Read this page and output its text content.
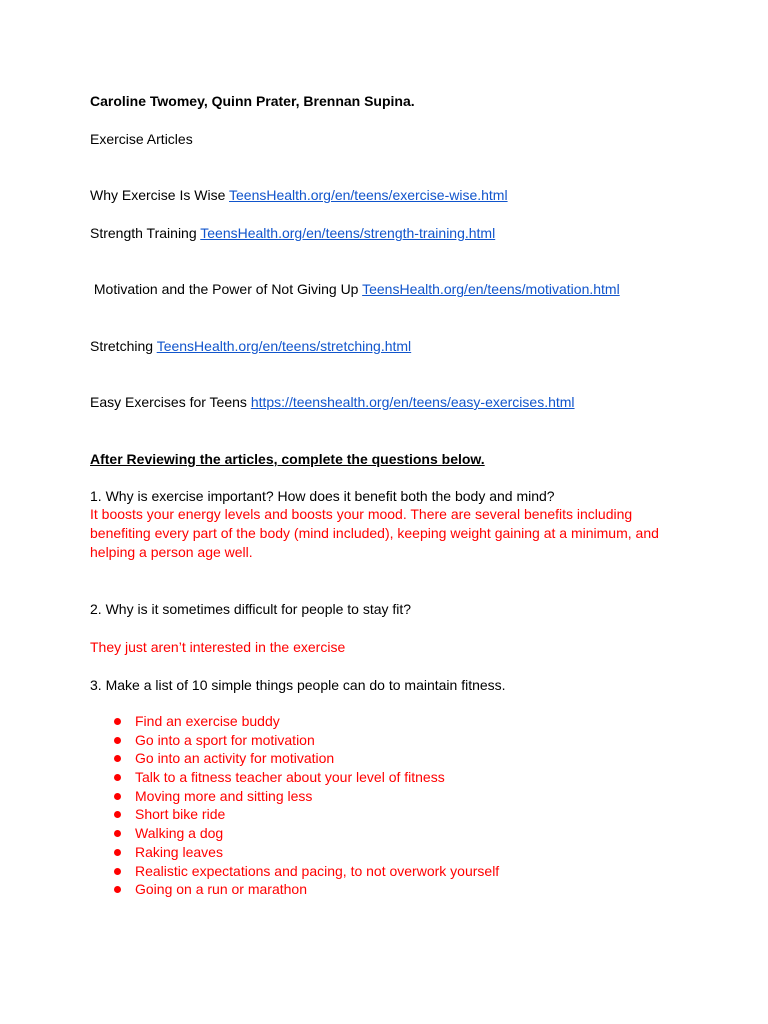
Caroline Twomey, Quinn Prater, Brennan Supina.
Exercise Articles
Why Exercise Is Wise TeensHealth.org/en/teens/exercise-wise.html
Strength Training TeensHealth.org/en/teens/strength-training.html
Motivation and the Power of Not Giving Up TeensHealth.org/en/teens/motivation.html
Stretching TeensHealth.org/en/teens/stretching.html
Easy Exercises for Teens https://teenshealth.org/en/teens/easy-exercises.html
After Reviewing the articles, complete the questions below.
1. Why is exercise important? How does it benefit both the body and mind?
It boosts your energy levels and boosts your mood. There are several benefits including benefiting every part of the body (mind included), keeping weight gaining at a minimum, and helping a person age well.
2. Why is it sometimes difficult for people to stay fit?
They just aren’t interested in the exercise
3. Make a list of 10 simple things people can do to maintain fitness.
Find an exercise buddy
Go into a sport for motivation
Go into an activity for motivation
Talk to a fitness teacher about your level of fitness
Moving more and sitting less
Short bike ride
Walking a dog
Raking leaves
Realistic expectations and pacing, to not overwork yourself
Going on a run or marathon
